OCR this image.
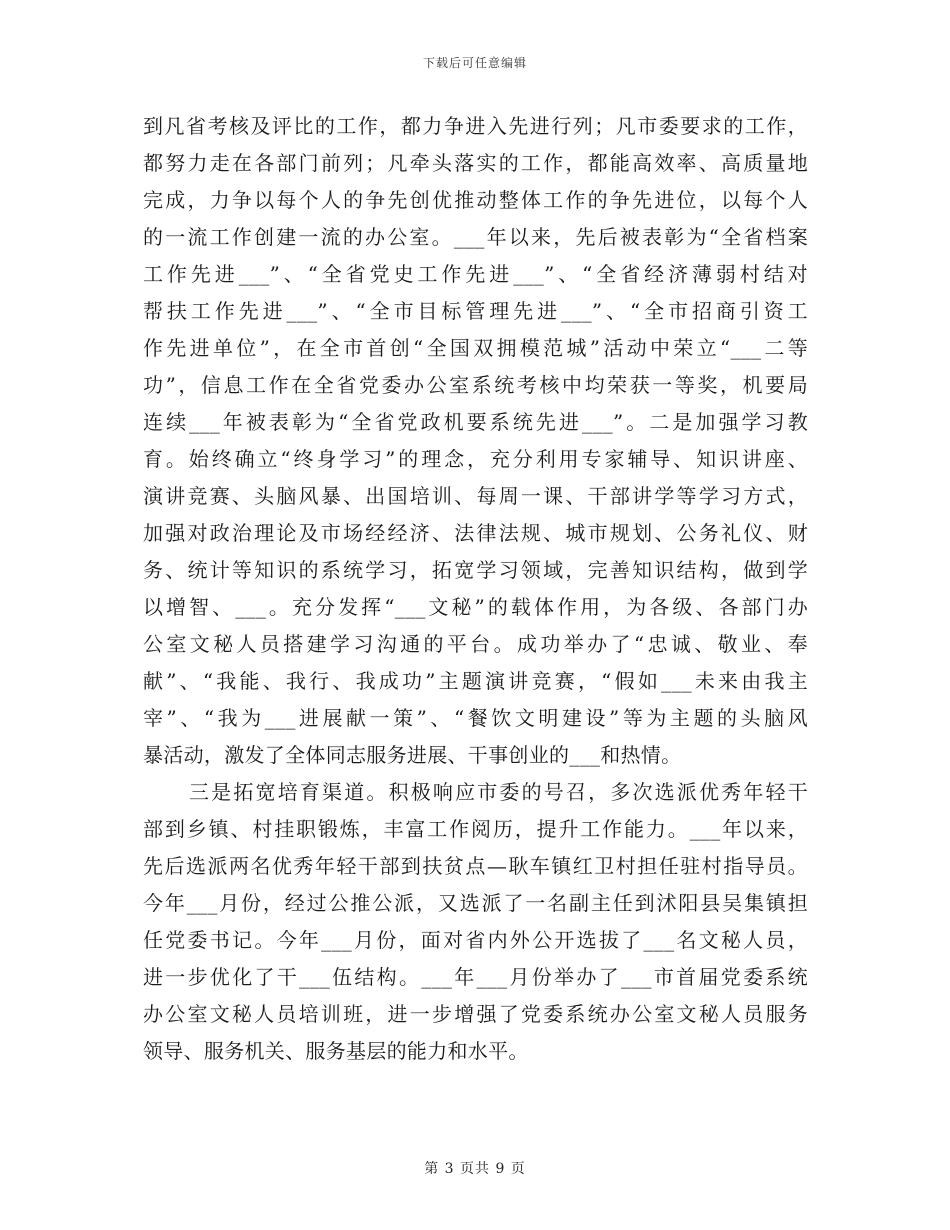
下载后可任意编辑
到凡省考核及评比的工作，都力争进入先进行列；凡市委要求的工作，
都努力走在各部门前列；凡牵头落实的工作，都能高效率、高质量地
完成，力争以每个人的争先创优推动整体工作的争先进位，以每个人
的一流工作创建一流的办公室。___年以来，先后被表彰为“全省档案
工作先进___”、“全省党史工作先进___”、“全省经济薄弱村结对
帮扶工作先进___”、“全市目标管理先进___”、“全市招商引资工
作先进单位”，在全市首创“全国双拥模范城”活动中荣立“___二等
功”，信息工作在全省党委办公室系统考核中均荣获一等奖，机要局
连续___年被表彰为“全省党政机要系统先进___”。二是加强学习教
育。始终确立“终身学习”的理念，充分利用专家辅导、知识讲座、
演讲竞赛、头脑风暴、出国培训、每周一课、干部讲学等学习方式，
加强对政治理论及市场经经济、法律法规、城市规划、公务礼仪、财
务、统计等知识的系统学习，拓宽学习领域，完善知识结构，做到学
以增智、___。充分发挥“___文秘”的载体作用，为各级、各部门办
公室文秘人员搭建学习沟通的平台。成功举办了“忠诚、敬业、奉
献”、“我能、我行、我成功”主题演讲竞赛，“假如___未来由我主
宰”、“我为___进展献一策”、“餐饮文明建设”等为主题的头脑风
暴活动，激发了全体同志服务进展、干事创业的___和热情。
三是拓宽培育渠道。积极响应市委的号召，多次选派优秀年轻干
部到乡镇、村挂职锻炼，丰富工作阅历，提升工作能力。___年以来，
先后选派两名优秀年轻干部到扶贫点—耿车镇红卫村担任驻村指导员。
今年___月份，经过公推公派，又选派了一名副主任到沭阳县吴集镇担
任党委书记。今年___月份，面对省内外公开选拔了___名文秘人员，
进一步优化了干___伍结构。___年___月份举办了___市首届党委系统
办公室文秘人员培训班，进一步增强了党委系统办公室文秘人员服务
领导、服务机关、服务基层的能力和水平。
第 3 页共 9 页
